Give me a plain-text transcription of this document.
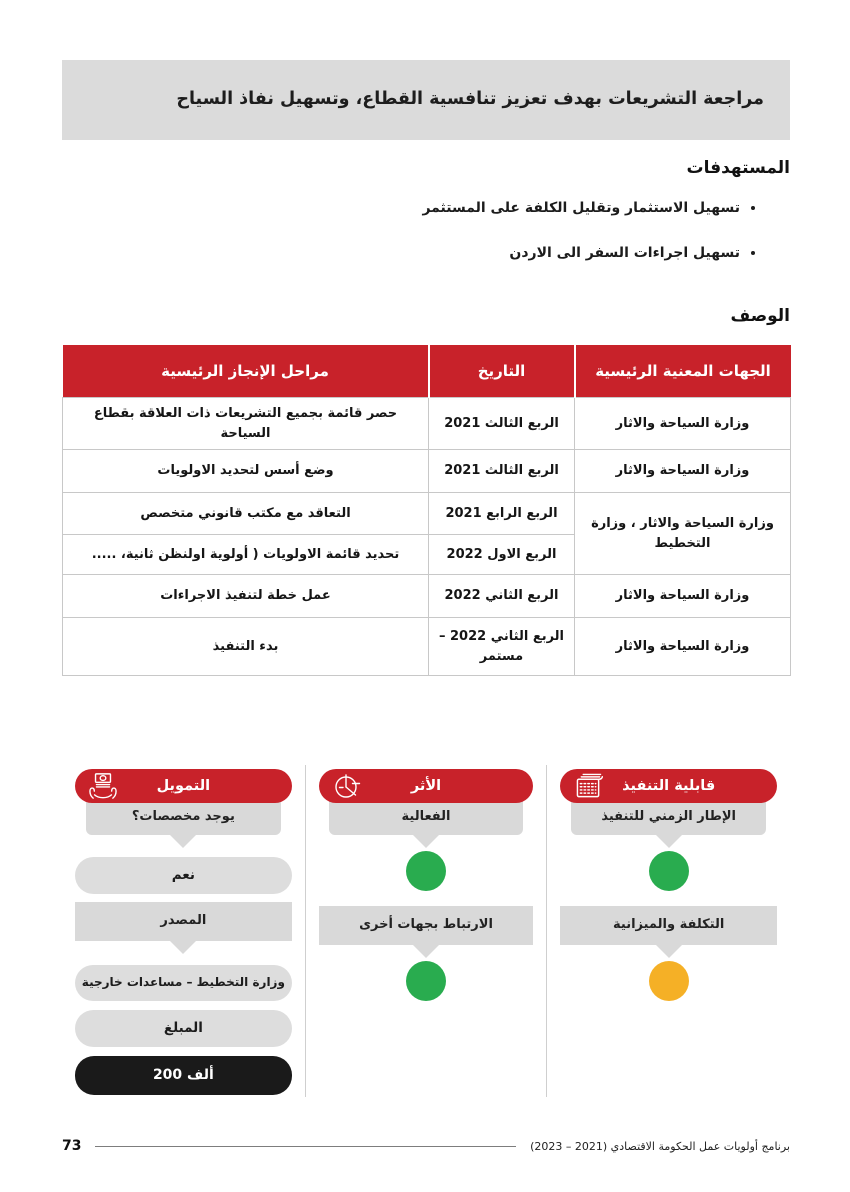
مراجعة التشريعات بهدف تعزيز تنافسية القطاع، وتسهيل نفاذ السياح
المستهدفات
• تسهيل الاستثمار وتقليل الكلفة على المستثمر
• تسهيل اجراءات السفر الى الاردن
الوصف
الجهات المعنية الرئيسية	التاريخ	مراحل الإنجاز الرئيسية
وزارة السياحة والاثار	الربع الثالث 2021	حصر قائمة بجميع التشريعات ذات العلاقة بقطاع السياحة
وزارة السياحة والاثار	الربع الثالث 2021	وضع أسس لتحديد الاولويات
وزارة السياحة والاثار ، وزارة التخطيط	الربع الرابع 2021	التعاقد مع مكتب قانوني متخصص
	الربع الاول 2022	تحديد قائمة الاولويات ( أولوية اولنظن ثانية، .....
وزارة السياحة والاثار	الربع الثاني 2022	عمل خطة لتنفيذ الاجراءات
وزارة السياحة والاثار	الربع الثاني 2022 – مستمر	بدء التنفيذ
قابلية التنفيذ
الإطار الزمني للتنفيذ
التكلفة والميزانية
الأثر
الفعالية
الارتباط بجهات أخرى
التمويل
يوجد مخصصات؟
نعم
المصدر
وزارة التخطيط – مساعدات خارجية
المبلغ
200 ألف
73	برنامج أولويات عمل الحكومة الاقتصادي (2021 – 2023)
